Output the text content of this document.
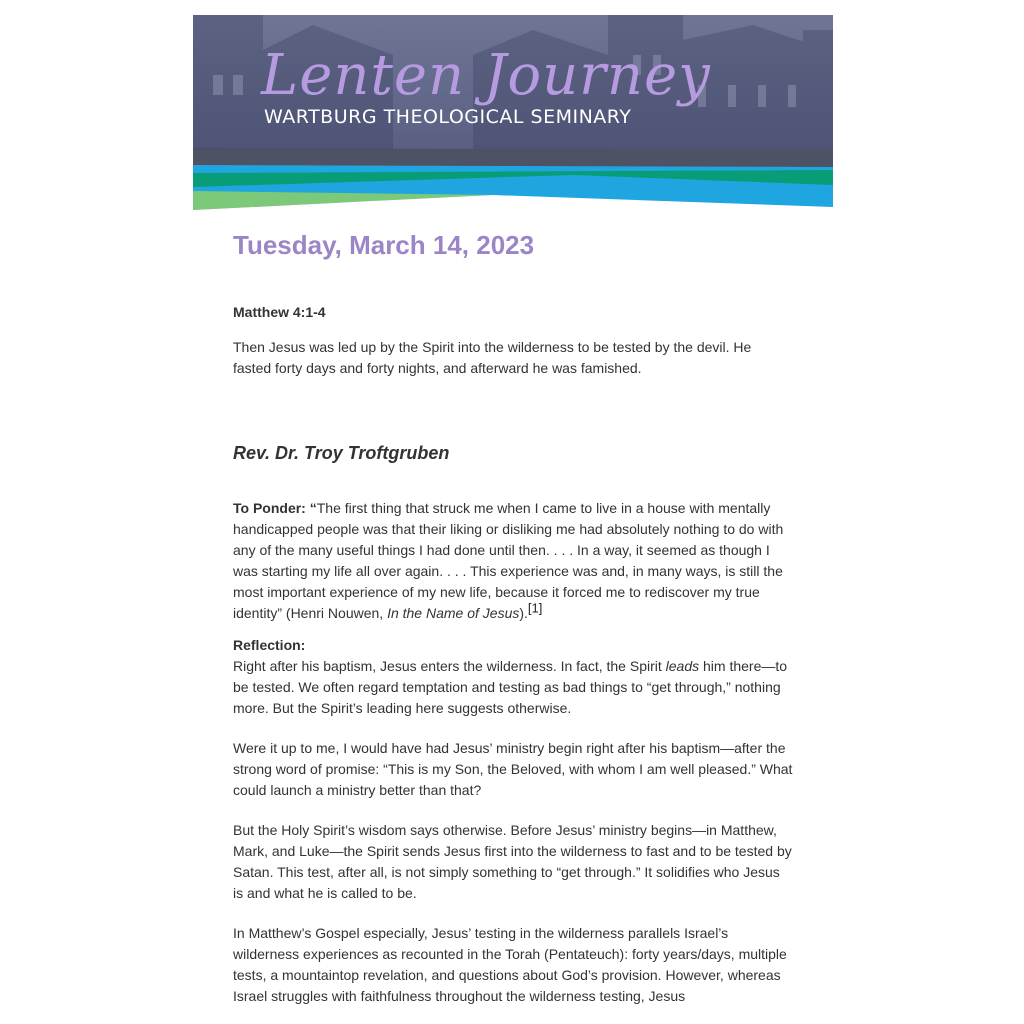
Lenten Journey
WARTBURG THEOLOGICAL SEMINARY
Tuesday, March 14, 2023

Matthew 4:1-4

Then Jesus was led up by the Spirit into the wilderness to be tested by the devil. He fasted forty days and forty nights, and afterward he was famished.

Rev. Dr. Troy Troftgruben

To Ponder: “The first thing that struck me when I came to live in a house with mentally handicapped people was that their liking or disliking me had absolutely nothing to do with any of the many useful things I had done until then. . . . In a way, it seemed as though I was starting my life all over again. . . . This experience was and, in many ways, is still the most important experience of my new life, because it forced me to rediscover my true identity” (Henri Nouwen, In the Name of Jesus).[1]

Reflection:

Right after his baptism, Jesus enters the wilderness. In fact, the Spirit leads him there—to be tested. We often regard temptation and testing as bad things to “get through,” nothing more. But the Spirit’s leading here suggests otherwise.

Were it up to me, I would have had Jesus’ ministry begin right after his baptism—after the strong word of promise: “This is my Son, the Beloved, with whom I am well pleased.” What could launch a ministry better than that?

But the Holy Spirit’s wisdom says otherwise. Before Jesus’ ministry begins—in Matthew, Mark, and Luke—the Spirit sends Jesus first into the wilderness to fast and to be tested by Satan. This test, after all, is not simply something to “get through.” It solidifies who Jesus is and what he is called to be.

In Matthew’s Gospel especially, Jesus’ testing in the wilderness parallels Israel’s wilderness experiences as recounted in the Torah (Pentateuch): forty years/days, multiple tests, a mountaintop revelation, and questions about God’s provision. However, whereas Israel struggles with faithfulness throughout the wilderness testing, Jesus
